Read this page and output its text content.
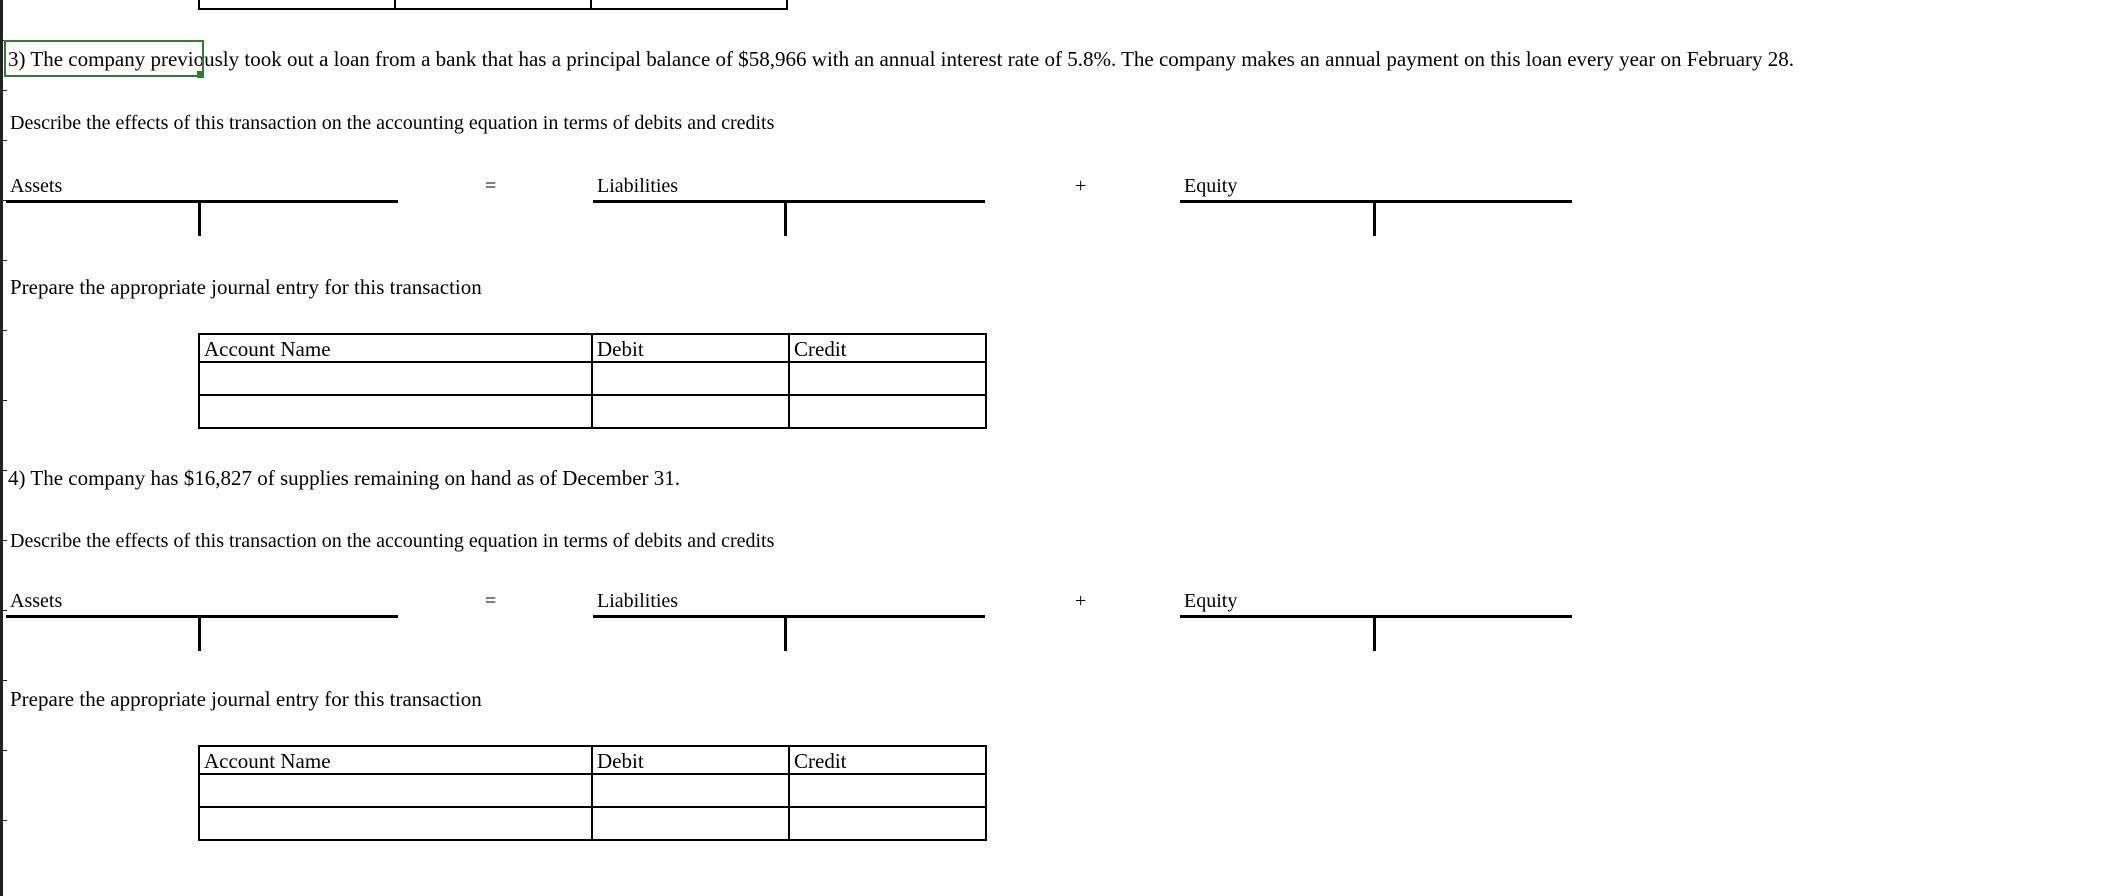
3) The company previously took out a loan from a bank that has a principal balance of $58,966 with an annual interest rate of 5.8%. The company makes an annual payment on this loan every year on February 28.
Describe the effects of this transaction on the accounting equation in terms of debits and credits
Assets	=	Liabilities	+	Equity
Prepare the appropriate journal entry for this transaction
Account Name	Debit	Credit

4) The company has $16,827 of supplies remaining on hand as of December 31.
Describe the effects of this transaction on the accounting equation in terms of debits and credits
Assets	=	Liabilities	+	Equity
Prepare the appropriate journal entry for this transaction
Account Name	Debit	Credit
